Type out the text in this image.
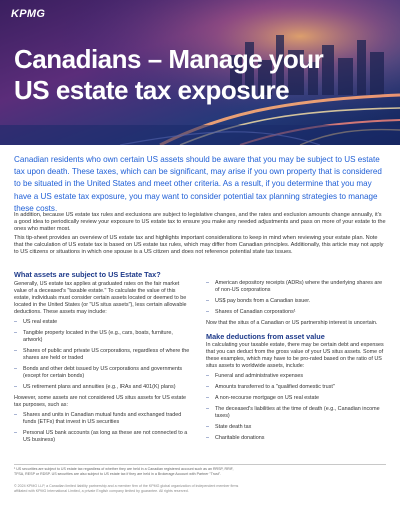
KPMG
Canadians – Manage your
US estate tax exposure
Canadian residents who own certain US assets should be aware that you may be subject to US estate tax upon death. These taxes, which can be significant, may arise if you own property that is considered to be situated in the United States and meet other criteria. As a result, if you determine that you may have a US estate tax exposure, you may want to consider potential tax planning strategies to manage these costs.
In addition, because US estate tax rules and exclusions are subject to legislative changes, and the rates and exclusion amounts change annually, it's a good idea to periodically review your exposure to US estate tax to ensure you make any needed adjustments and pass on more of your estate to the ones who matter most.
This tip-sheet provides an overview of US estate tax and highlights important considerations to keep in mind when reviewing your estate plan. Note that the calculation of US estate tax is based on US estate tax rules, which may differ from Canadian principles. Additionally, this article may not apply to US citizens or situations in which one spouse is a US citizen and does not reference potential state tax issues.
What assets are subject to US Estate Tax?
Generally, US estate tax applies at graduated rates on the fair market value of a deceased's "taxable estate." To calculate the value of this estate, individuals must consider certain assets located or deemed to be located in the United States (or "US situs assets"), less certain allowable deductions. These assets may include:
– US real estate
– Tangible property located in the US (e.g., cars, boats, furniture, artwork)
– Shares of public and private US corporations, regardless of where the shares are held or traded
– Bonds and other debt issued by US corporations and governments (except for certain bonds)
– US retirement plans and annuities (e.g., IRAs and 401(K) plans)
However, some assets are not considered US situs assets for US estate tax purposes, such as:
– Shares and units in Canadian mutual funds and exchanged traded funds (ETFs) that invest in US securities
– Personal US bank accounts (as long as these are not connected to a US business)
– American depository receipts (ADRs) where the underlying shares are of non-US corporations
– US$ pay bonds from a Canadian issuer.
– Shares of Canadian corporations¹
Now that the situs of a Canadian or US partnership interest is uncertain.
Make deductions from asset value
In calculating your taxable estate, there may be certain debt and expenses that you can deduct from the gross value of your US situs assets. Some of these examples, which may have to be pro-rated based on the ratio of US situs assets to worldwide assets, include:
– Funeral and administrative expenses
– Amounts transferred to a "qualified domestic trust"
– A non-recourse mortgage on US real estate
– The deceased's liabilities at the time of death (e.g., Canadian income taxes)
– State death tax
– Charitable donations
¹ US securities are subject to US estate tax regardless of whether they are held in a Canadian registered account such as an RRSP, RRIF,
TFSA, RESP or RDSP. US securities are also subject to US estate tax if they are held in a Brokerage Account with Partner "Trust".
© 2024 KPMG LLP, a Canadian limited liability partnership and a member firm of the KPMG global organization of independent member firms
affiliated with KPMG International Limited, a private English company limited by guarantee. All rights reserved.
